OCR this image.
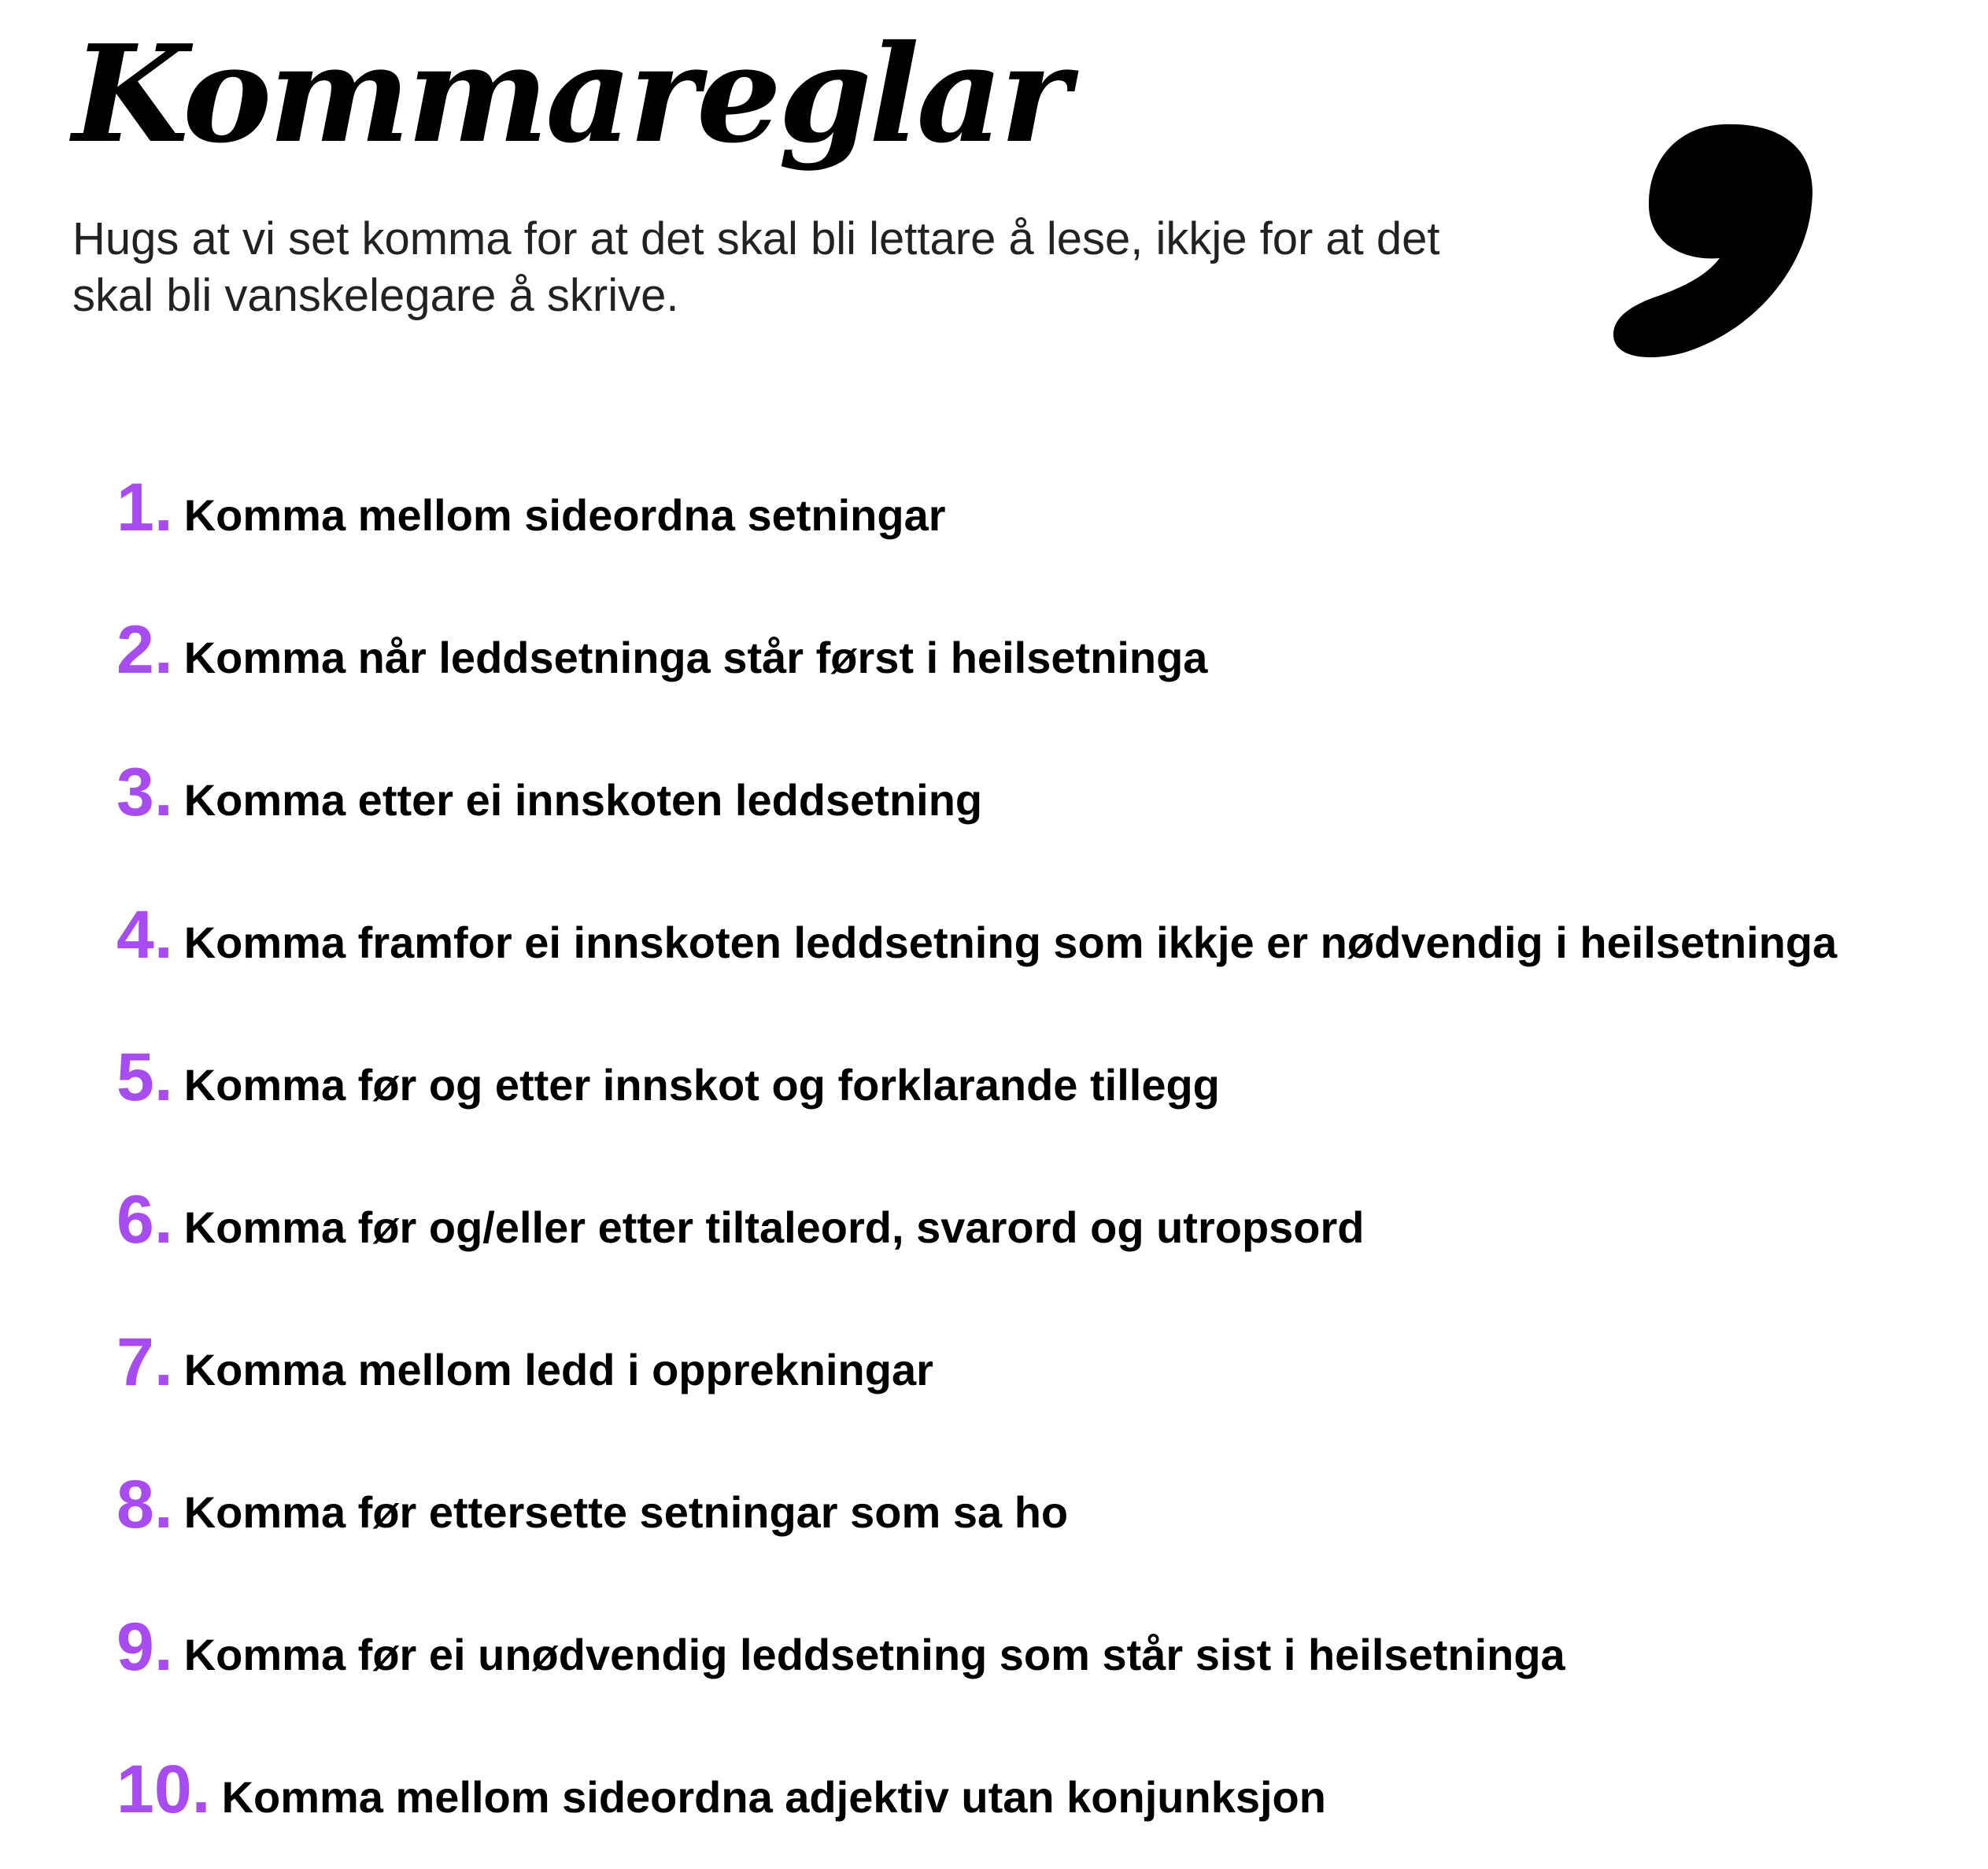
Kommareglar

Hugs at vi set komma for at det skal bli lettare å lese, ikkje for at det skal bli vanskelegare å skrive.

1. Komma mellom sideordna setningar
2. Komma når leddsetninga står først i heilsetninga
3. Komma etter ei innskoten leddsetning
4. Komma framfor ei innskoten leddsetning som ikkje er nødvendig i heilsetninga
5. Komma før og etter innskot og forklarande tillegg
6. Komma før og/eller etter tiltaleord, svarord og utropsord
7. Komma mellom ledd i opprekningar
8. Komma før ettersette setningar som sa ho
9. Komma før ei unødvendig leddsetning som står sist i heilsetninga
10. Komma mellom sideordna adjektiv utan konjunksjon
